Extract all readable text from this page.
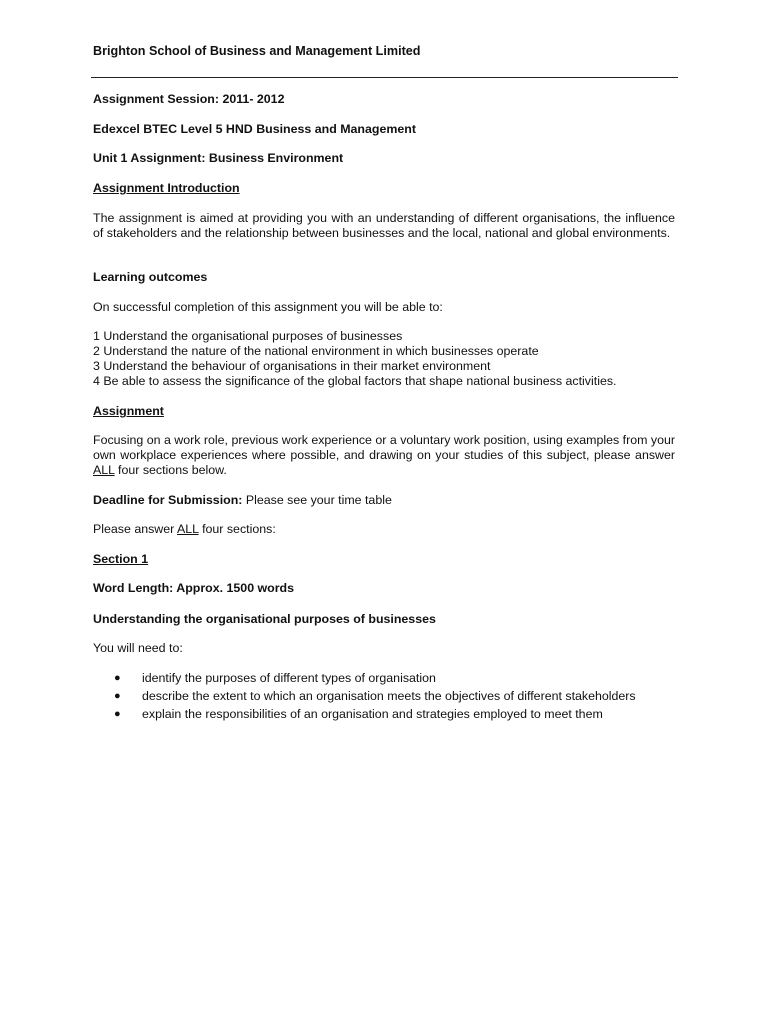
Brighton School of Business and Management Limited
Assignment Session: 2011- 2012
Edexcel BTEC Level 5 HND Business and Management
Unit 1 Assignment: Business Environment
Assignment Introduction
The assignment is aimed at providing you with an understanding of different organisations, the influence of stakeholders and the relationship between businesses and the local, national and global environments.
Learning outcomes
On successful completion of this assignment you will be able to:
1 Understand the organisational purposes of businesses
2 Understand the nature of the national environment in which businesses operate
3 Understand the behaviour of organisations in their market environment
4 Be able to assess the significance of the global factors that shape national business activities.
Assignment
Focusing on a work role, previous work experience or a voluntary work position, using examples from your own workplace experiences where possible, and drawing on your studies of this subject, please answer ALL four sections below.
Deadline for Submission: Please see your time table
Please answer ALL four sections:
Section 1
Word Length: Approx. 1500 words
Understanding the organisational purposes of businesses
You will need to:
●	identify the purposes of different types of organisation
●	describe the extent to which an organisation meets the objectives of different stakeholders
●	explain the responsibilities of an organisation and strategies employed to meet them
